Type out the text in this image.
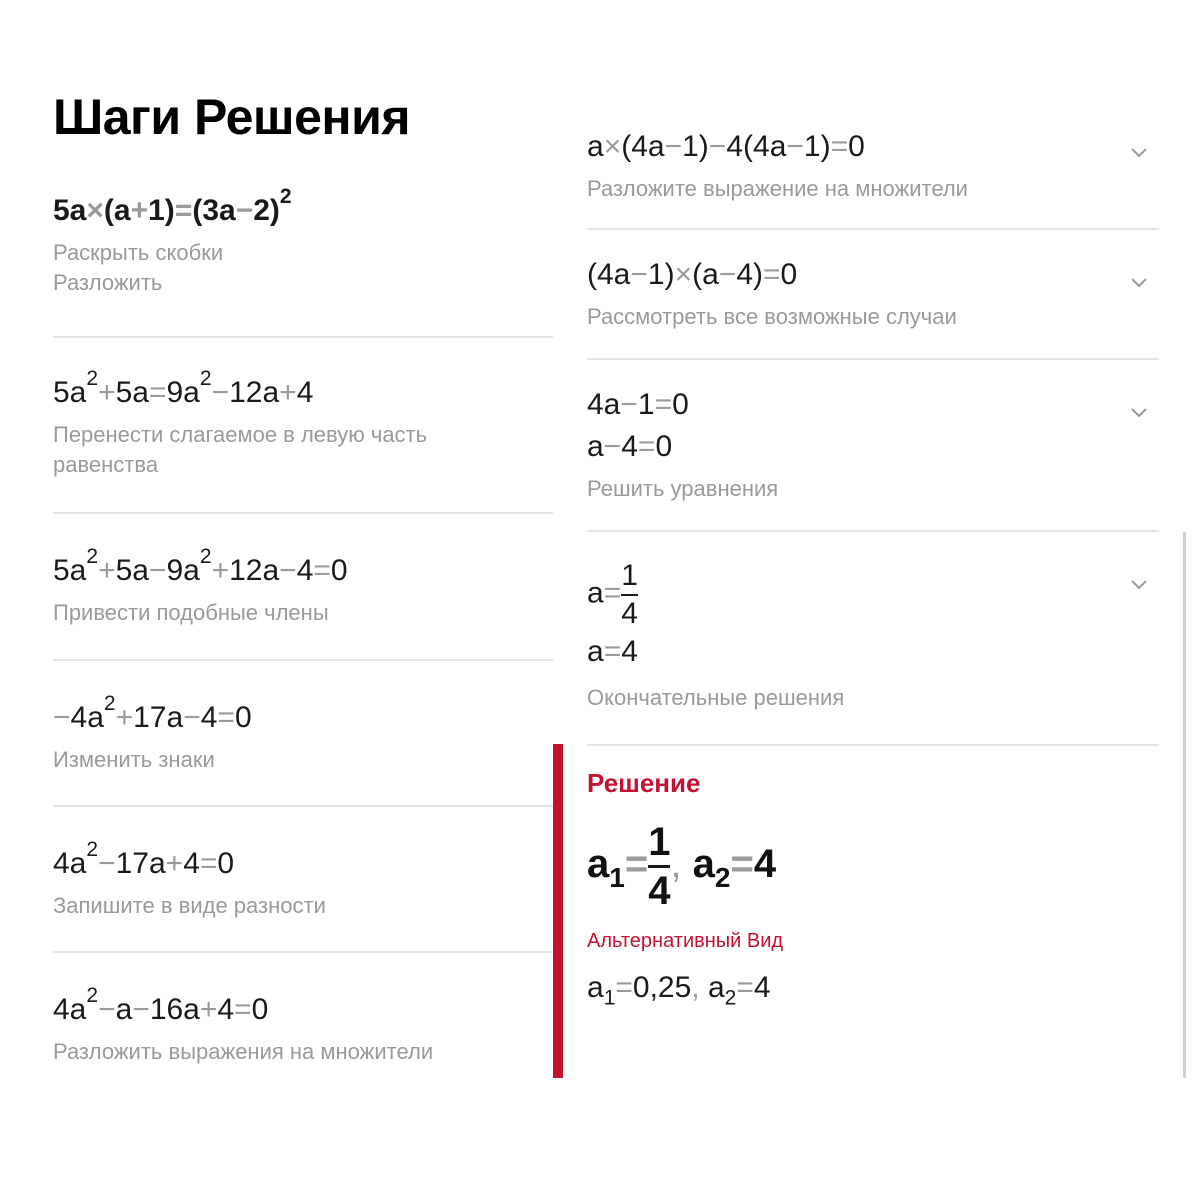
Шаги Решения
$5a\times(a+1)=(3a-2)^2$
Раскрыть скобки
Разложить
$5a^2+5a=9a^2-12a+4$
Перенести слагаемое в левую часть
равенства
$5a^2+5a-9a^2+12a-4=0$
Привести подобные члены
$-4a^2+17a-4=0$
Изменить знаки
$4a^2-17a+4=0$
Запишите в виде разности
$4a^2-a-16a+4=0$
Разложить выражения на множители
a×(4a−1)−4(4a−1)=0
Разложите выражение на множители
(4a−1)×(a−4)=0
Рассмотреть все возможные случаи
4a−1=0
a−4=0
Решить уравнения
$a= \frac{1}{4}$
a=4
Окончательные решения
Решение
$a_1= \frac{1}{4}$ , $a_2=4$
Альтернативный Вид
$a_1=0,25$, $a_2=4$
